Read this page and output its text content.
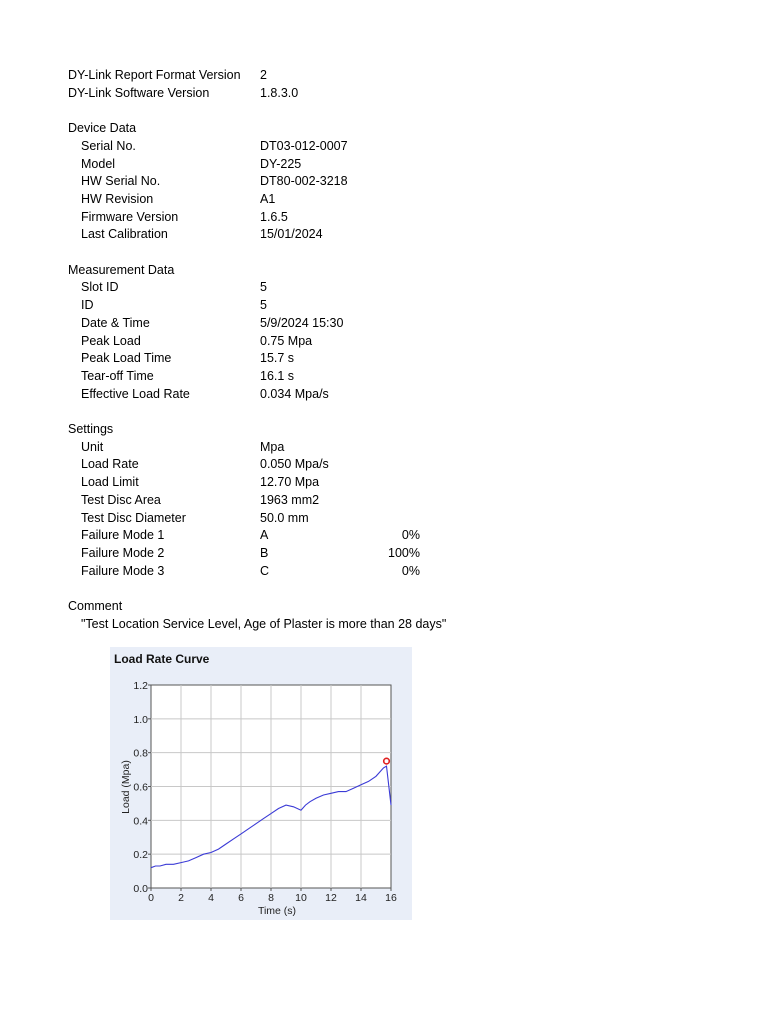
DY-Link Report Format Version 2
DY-Link Software Version	1.8.3.0
Device Data
Serial No.	DT03-012-0007
Model	DY-225
HW Serial No.	DT80-002-3218
HW Revision	A1
Firmware Version	1.6.5
Last Calibration	15/01/2024
Measurement Data
Slot ID	5
ID	5
Date & Time	5/9/2024 15:30
Peak Load	0.75 Mpa
Peak Load Time	15.7 s
Tear-off Time	16.1 s
Effective Load Rate	0.034 Mpa/s
Settings
Unit	Mpa
Load Rate	0.050 Mpa/s
Load Limit	12.70 Mpa
Test Disc Area	1963 mm2
Test Disc Diameter	50.0 mm
Failure Mode 1	A	0%
Failure Mode 2	B	100%
Failure Mode 3	C	0%
Comment
"Test Location Service Level, Age of Plaster is more than 28 days"
Load Rate Curve
0 2 4 6 8 10 12 14 16
0.0
0.2
0.4
0.6
0.8
1.0
1.2
Time (s)
Load (Mpa)
